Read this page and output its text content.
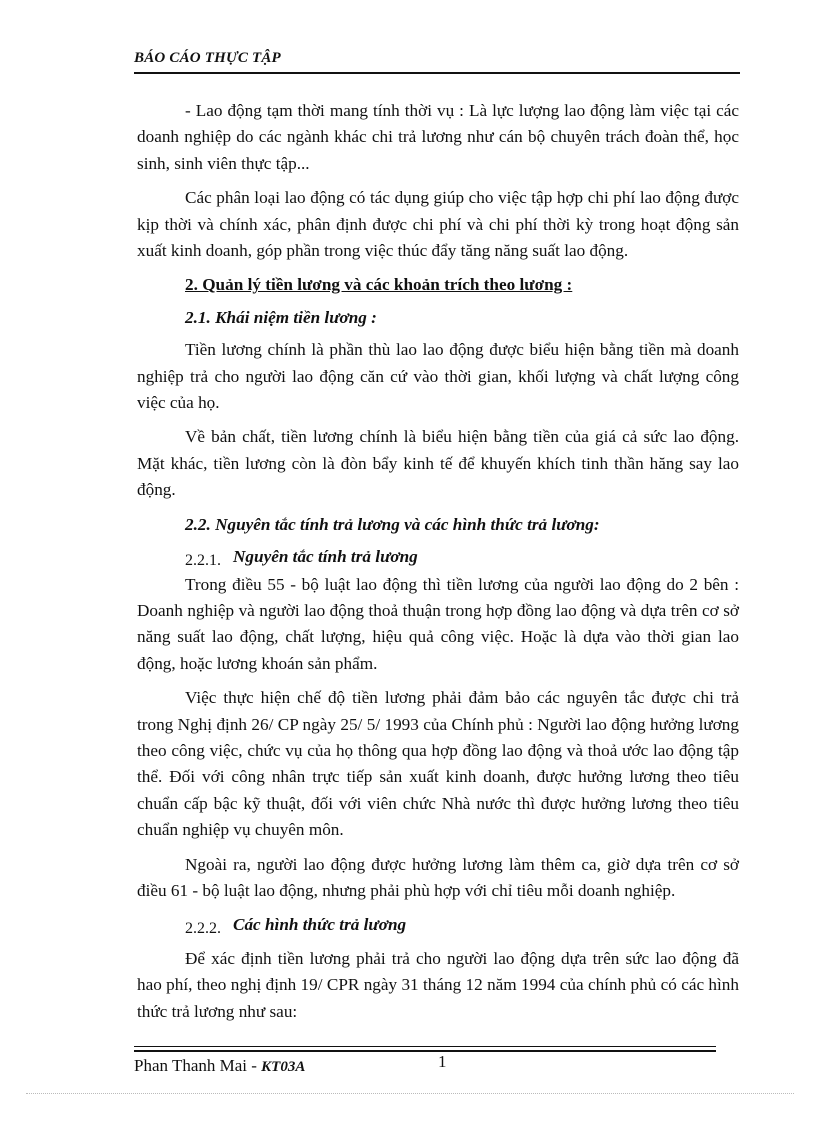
BÁO CÁO THỰC TẬP

- Lao động tạm thời mang tính thời vụ : Là lực lượng lao động làm việc tại các doanh nghiệp do các ngành khác chi trả lương như cán bộ chuyên trách đoàn thể, học sinh, sinh viên thực tập...

Các phân loại lao động có tác dụng giúp cho việc tập hợp chi phí lao động được kịp thời và chính xác, phân định được chi phí và chi phí thời kỳ trong hoạt động sản xuất kinh doanh, góp phần trong việc thúc đẩy tăng năng suất lao động.

2. Quản lý tiền lương và các khoản trích theo lương :
2.1. Khái niệm tiền lương :

Tiền lương chính là phần thù lao lao động được biểu hiện bằng tiền mà doanh nghiệp trả cho người lao động căn cứ vào thời gian, khối lượng và chất lượng công việc của họ.

Về bản chất, tiền lương chính là biểu hiện bằng tiền của giá cả sức lao động. Mặt khác, tiền lương còn là đòn bẩy kinh tế để khuyến khích tinh thần hăng say lao động.

2.2. Nguyên tắc tính trả lương và các hình thức trả lương:
2.2.1. Nguyên tắc tính trả lương

Trong điều 55 - bộ luật lao động thì tiền lương của người lao động do 2 bên : Doanh nghiệp và người lao động thoả thuận trong hợp đồng lao động và dựa trên cơ sở năng suất lao động, chất lượng, hiệu quả công việc. Hoặc là dựa vào thời gian lao động, hoặc lương khoán sản phẩm.

Việc thực hiện chế độ tiền lương phải đảm bảo các nguyên tắc được chi trả trong Nghị định 26/ CP ngày 25/ 5/ 1993 của Chính phủ : Người lao động hưởng lương theo công việc, chức vụ của họ thông qua hợp đồng lao động và thoả ước lao động tập thể. Đối với công nhân trực tiếp sản xuất kinh doanh, được hưởng lương theo tiêu chuẩn cấp bậc kỹ thuật, đối với viên chức Nhà nước thì được hưởng lương theo tiêu chuẩn nghiệp vụ chuyên môn.

Ngoài ra, người lao động được hưởng lương làm thêm ca, giờ dựa trên cơ sở điều 61 - bộ luật lao động, nhưng phải phù hợp với chỉ tiêu mỗi doanh nghiệp.

2.2.2. Các hình thức trả lương

Để xác định tiền lương phải trả cho người lao động dựa trên sức lao động đã hao phí, theo nghị định 19/ CPR ngày 31 tháng 12 năm 1994 của chính phủ có các hình thức trả lương như sau:

Phan Thanh Mai - KT03A	1
